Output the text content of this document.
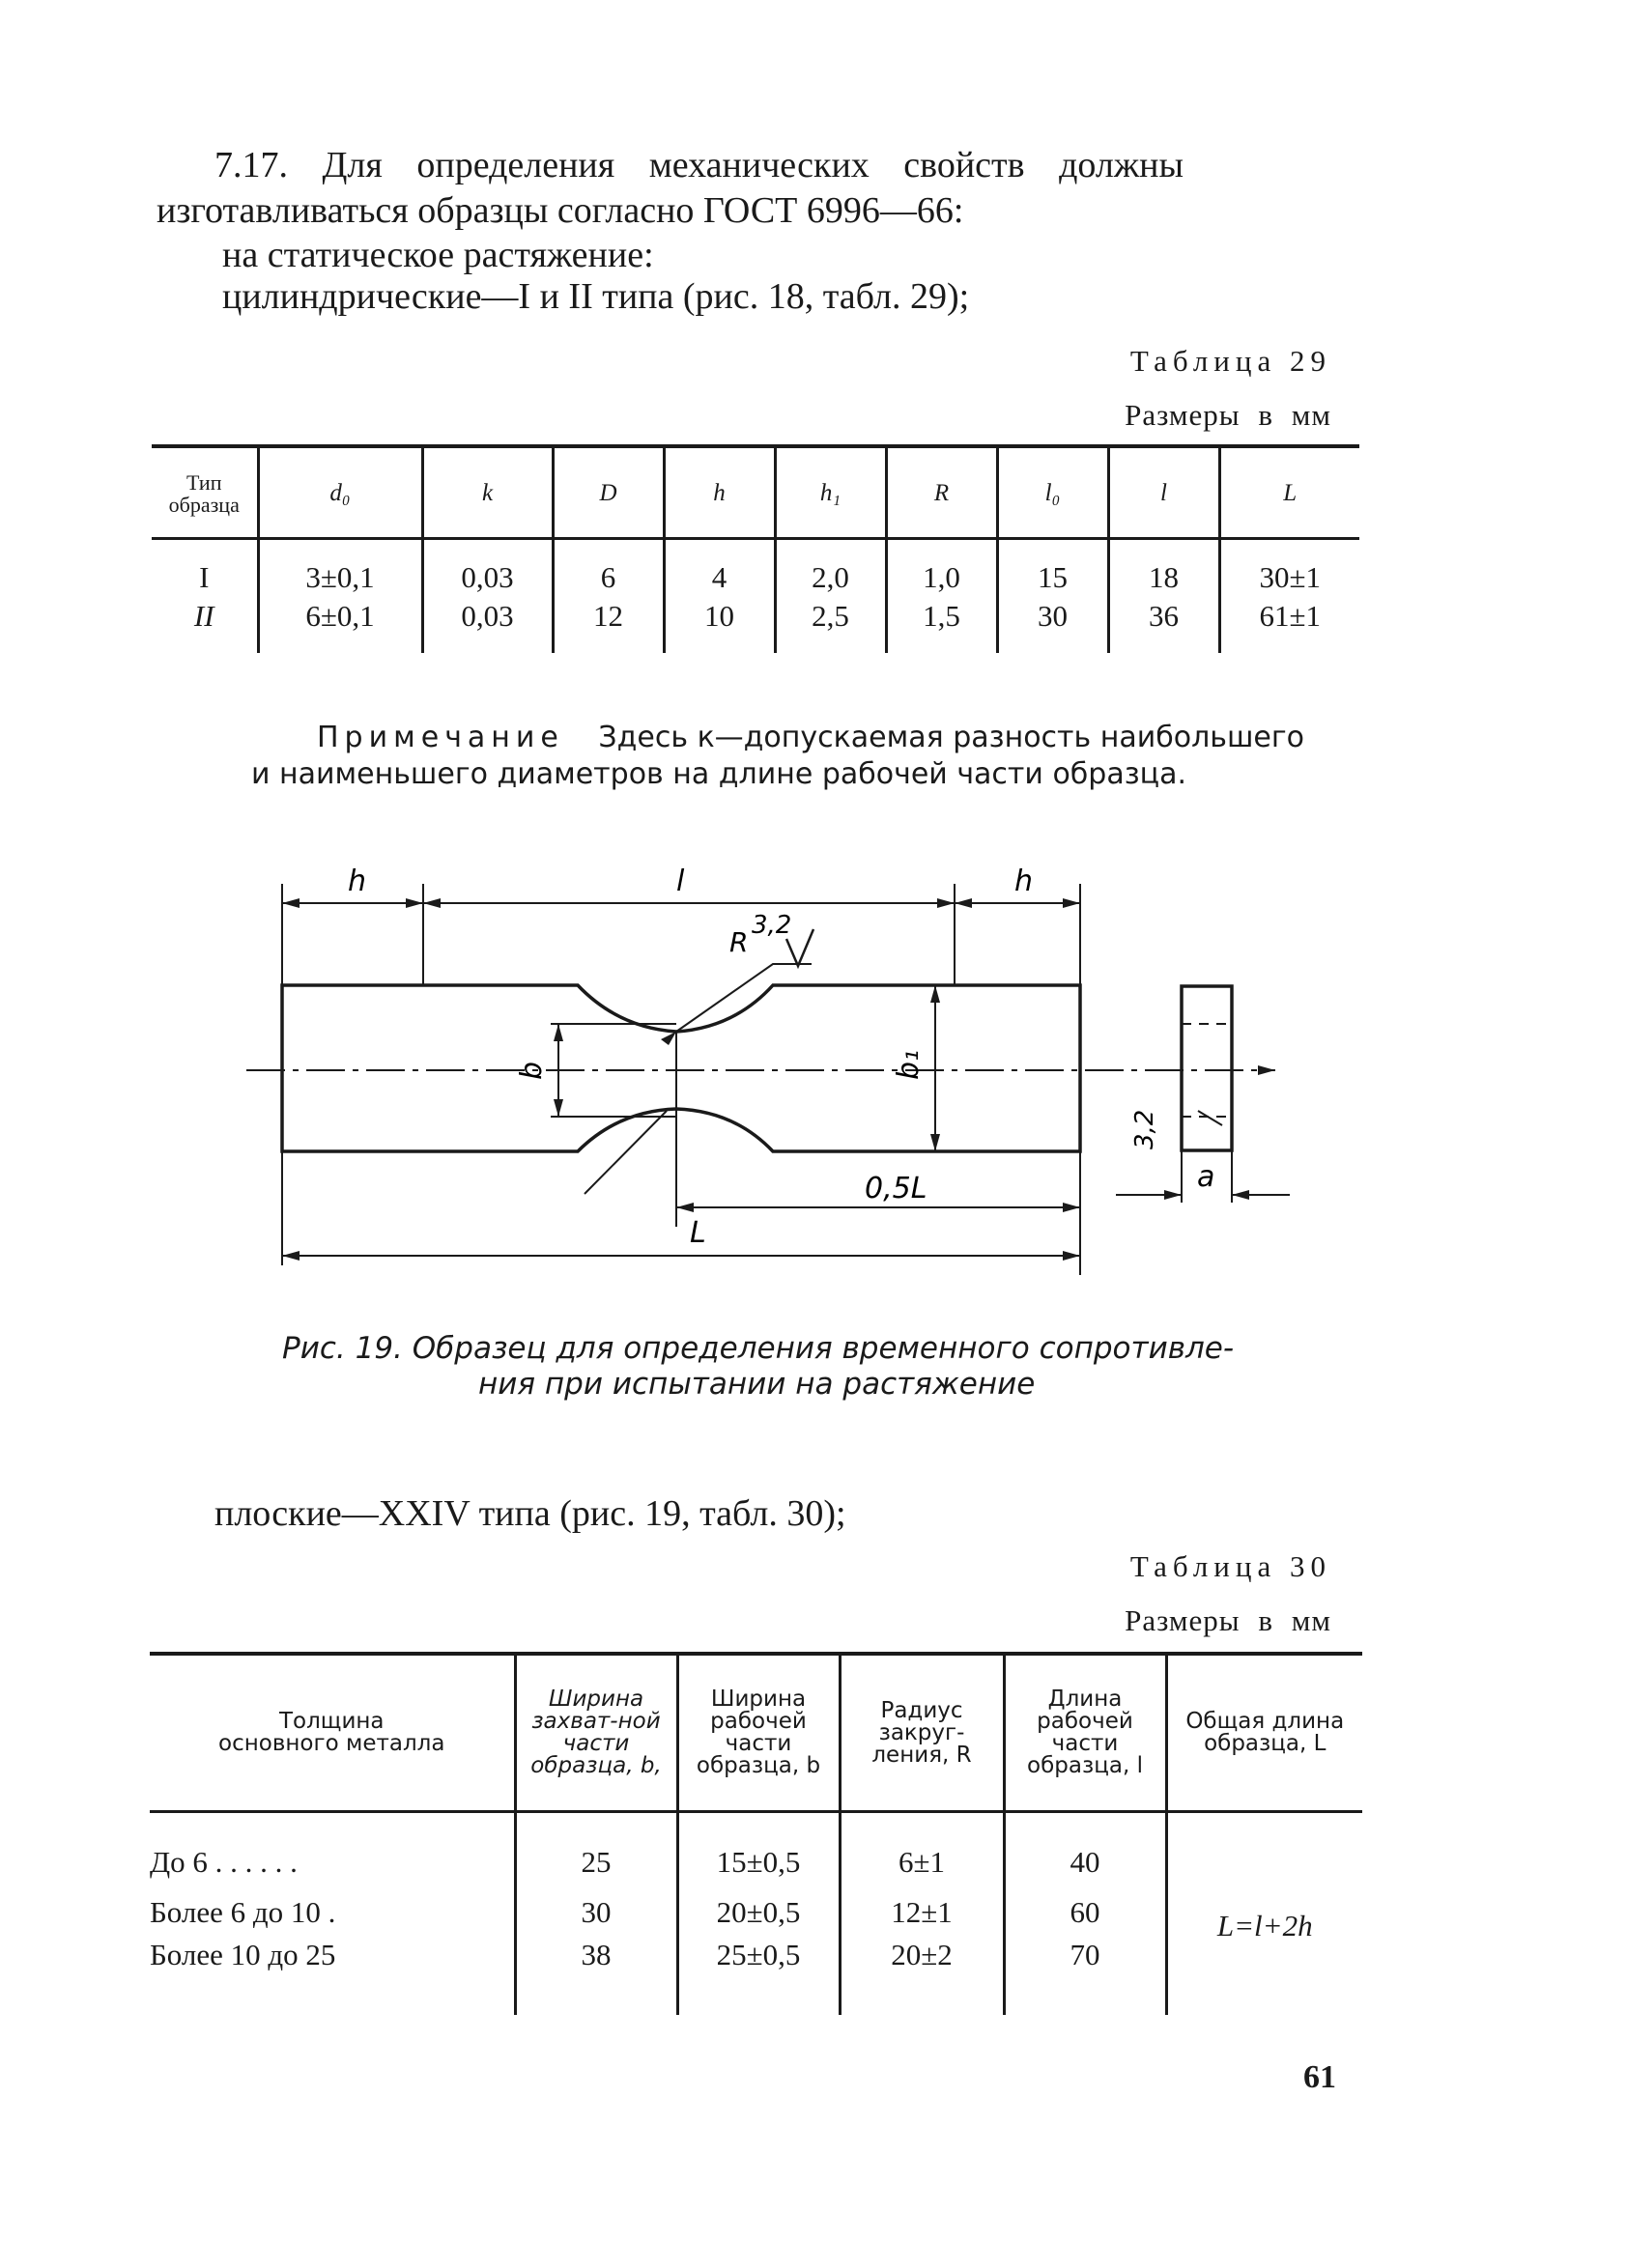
7.17. Для определения механических свойств должны
изготавливаться образцы согласно ГОСТ 6996—66:
на статическое растяжение:
цилиндрические—I и II типа (рис. 18, табл. 29);
Таблица 29
Размеры в мм
Тип образца	d₀	k	D	h	h₁	R	l₀	l	L
I	3±0,1	0,03	6	4	2,0	1,0	15	18	30±1
II	6±0,1	0,03	12	10	2,5	1,5	30	36	61±1
Примечание Здесь к—допускаемая разность наибольшего
и наименьшего диаметров на длине рабочей части образца.
h	l	h
R
3,2
b	b₁
0,5L
L
3,2
a
Рис. 19. Образец для определения временного сопротивле-
ния при испытании на растяжение
плоские—XXIV типа (рис. 19, табл. 30);
Таблица 30
Размеры в мм
Толщина основного металла	Ширина захват-ной части образца, b,	Ширина рабочей части образца, b	Радиус закруг-ления, R	Длина рабочей части образца, l	Общая длина образца, L
До 6 . . . . . .	25	15±0,5	6±1	40	L=l+2h
Более 6 до 10 .	30	20±0,5	12±1	60	
Более 10 до 25	38	25±0,5	20±2	70	
61
